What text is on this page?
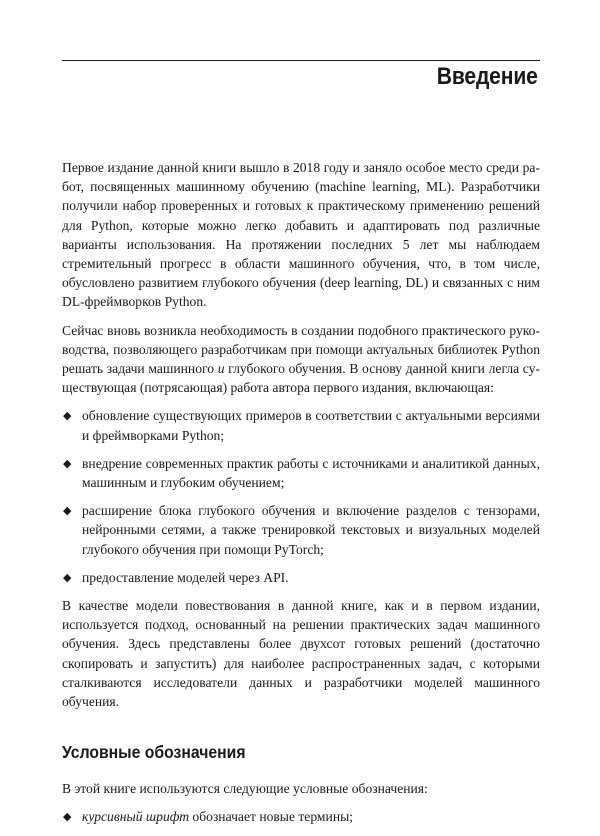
Введение

Первое издание данной книги вышло в 2018 году и заняло особое место среди работ, посвященных машинному обучению (machine learning, ML). Разработчики получили набор проверенных и готовых к практическому применению решений для Python, которые можно легко добавить и адаптировать под различные варианты использования. На протяжении последних 5 лет мы наблюдаем стремительный прогресс в области машинного обучения, что, в том числе, обусловлено развитием глубокого обучения (deep learning, DL) и связанных с ним DL-фреймворков Python.

Сейчас вновь возникла необходимость в создании подобного практического руководства, позволяющего разработчикам при помощи актуальных библиотек Python решать задачи машинного и глубокого обучения. В основу данной книги легла существующая (потрясающая) работа автора первого издания, включающая:

◆ обновление существующих примеров в соответствии с актуальными версиями и фреймворками Python;
◆ внедрение современных практик работы с источниками и аналитикой данных, машинным и глубоким обучением;
◆ расширение блока глубокого обучения и включение разделов с тензорами, нейронными сетями, а также тренировкой текстовых и визуальных моделей глубокого обучения при помощи PyTorch;
◆ предоставление моделей через API.

В качестве модели повествования в данной книге, как и в первом издании, используется подход, основанный на решении практических задач машинного обучения. Здесь представлены более двухсот готовых решений (достаточно скопировать и запустить) для наиболее распространенных задач, с которыми сталкиваются исследователи данных и разработчики моделей машинного обучения.

Условные обозначения

В этой книге используются следующие условные обозначения:

◆ курсивный шрифт обозначает новые термины;
